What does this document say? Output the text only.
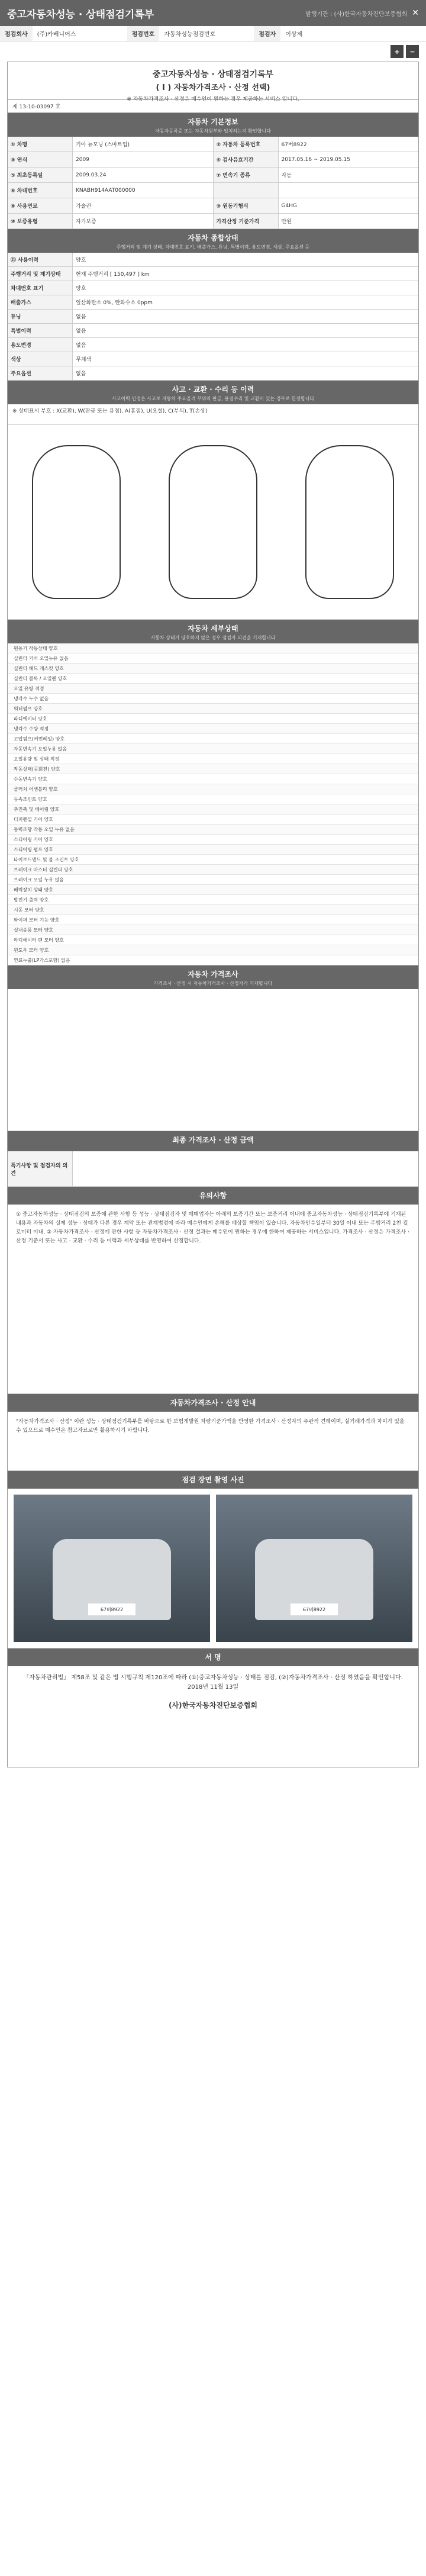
중고자동차성능 · 상태점검기록부	발행기관 : (사)한국자동차진단보증협회 ✕
점검회사	(주)카베니어스	점검번호	자동차성능점검번호	점검자	이상제
+	−
중고자동차성능 · 상태점검기록부
( I ) 자동차가격조사 · 산정 선택)
※ 자동차가격조사 · 산정은 매수인이 원하는 경우 제공하는 서비스 입니다.
제 13-10-03097 호
자동차 기본정보
자동차등록증 또는 자동차원부와 일치하는지 확인합니다
① 차명	기아 뉴모닝 (스마트업)	② 자동차 등록번호	67버8922
③ 연식	2009	④ 검사유효기간	2017.05.16 ~ 2019.05.15
⑤ 최초등록일	2009.03.24	⑦ 변속기 종류	자동
⑥ 차대번호	KNABH914AAT000000
⑧ 사용연료	가솔린	⑨ 원동기형식	G4HG
⑩ 보증유형	자가보증	가격산정 기준가격	만원
자동차 종합상태
주행거리 및 계기 상태, 차대번호 표기, 배출가스, 튜닝, 특별이력, 용도변경, 색상, 주요옵션 등
⑪ 사용이력	양호
주행거리 및 계기상태	현재 주행거리 [ 150,497 ] km
차대번호 표기	양호
배출가스	일산화탄소 0%, 탄화수소 0ppm
튜닝	없음
특별이력	없음
용도변경	없음
색상	무채색
주요옵션	없음
사고 · 교환 · 수리 등 이력
사고이력 인정은 사고로 자동차 주요골격 부위의 판금, 용접수리 및 교환이 있는 경우로 한정합니다
※ 상태표시 부호 : X(교환), W(판금 또는 용접), A(흠집), U(요철), C(부식), T(손상)
자동차 세부상태
자동차 상태가 양호하지 않은 경우 점검자 의견을 기재합니다
원동기 작동상태 양호
실린더 커버 오일누유 없음
실린더 헤드 개스킷 양호
실린더 블록 / 오일팬 양호
오일 유량 적정
냉각수 누수 없음
워터펌프 양호
라디에이터 양호
냉각수 수량 적정
고압펌프(커먼레일) 양호
자동변속기 오일누유 없음
오일유량 및 상태 적정
작동상태(공회전) 양호
수동변속기 양호
클러치 어셈블리 양호
등속조인트 양호
추진축 및 베어링 양호
디퍼렌셜 기어 양호
동력조향 작동 오일 누유 없음
스티어링 기어 양호
스티어링 펌프 양호
타이로드엔드 및 볼 조인트 양호
브레이크 마스터 실린더 양호
브레이크 오일 누유 없음
배력장치 상태 양호
발전기 출력 양호
시동 모터 양호
와이퍼 모터 기능 양호
실내송풍 모터 양호
라디에이터 팬 모터 양호
윈도우 모터 양호
연료누출(LP가스포함) 없음
자동차 가격조사
가격조사 · 산정 시 자동차가격조사 · 산정자가 기재합니다
최종 가격조사 · 산정 금액
특기사항 및 점검자의 의견
유의사항
① 중고자동차성능 · 상태점검의 보증에 관한 사항 등 성능 · 상태점검자 및 매매업자는 아래의 보증기간 또는 보증거리 이내에 중고자동차성능 · 상태점검기록부에 기재된 내용과 자동차의 실제 성능 · 상태가 다른 경우 계약 또는 관계법령에 따라 매수인에게 손해를 배상할 책임이 있습니다. 자동차인수일부터 30일 이내 또는 주행거리 2천 킬로미터 이내. ② 자동차가격조사 · 산정에 관한 사항 등 자동차가격조사 · 산정 결과는 매수인이 원하는 경우에 한하여 제공하는 서비스입니다. 가격조사 · 산정은 가격조사 · 산정 기준서 또는 사고 · 교환 · 수리 등 이력과 세부상태를 반영하여 산정합니다.
자동차가격조사 · 산정 안내
"자동차가격조사 · 산정" 이란 성능 · 상태점검기록부를 바탕으로 한 보험개발원 차량기준가액을 반영한 가격조사 · 산정자의 주관적 견해이며, 실거래가격과 차이가 있을 수 있으므로 매수인은 참고자료로만 활용하시기 바랍니다.
점검 장면 촬영 사진
67버8922	67버8922
서 명
「자동차관리법」 제58조 및 같은 법 시행규칙 제120조에 따라 (①)중고자동차성능 · 상태를 점검, (②)자동차가격조사 · 산정 하였음을 확인합니다.
2018년 11월 13일
(사)한국자동차진단보증협회
